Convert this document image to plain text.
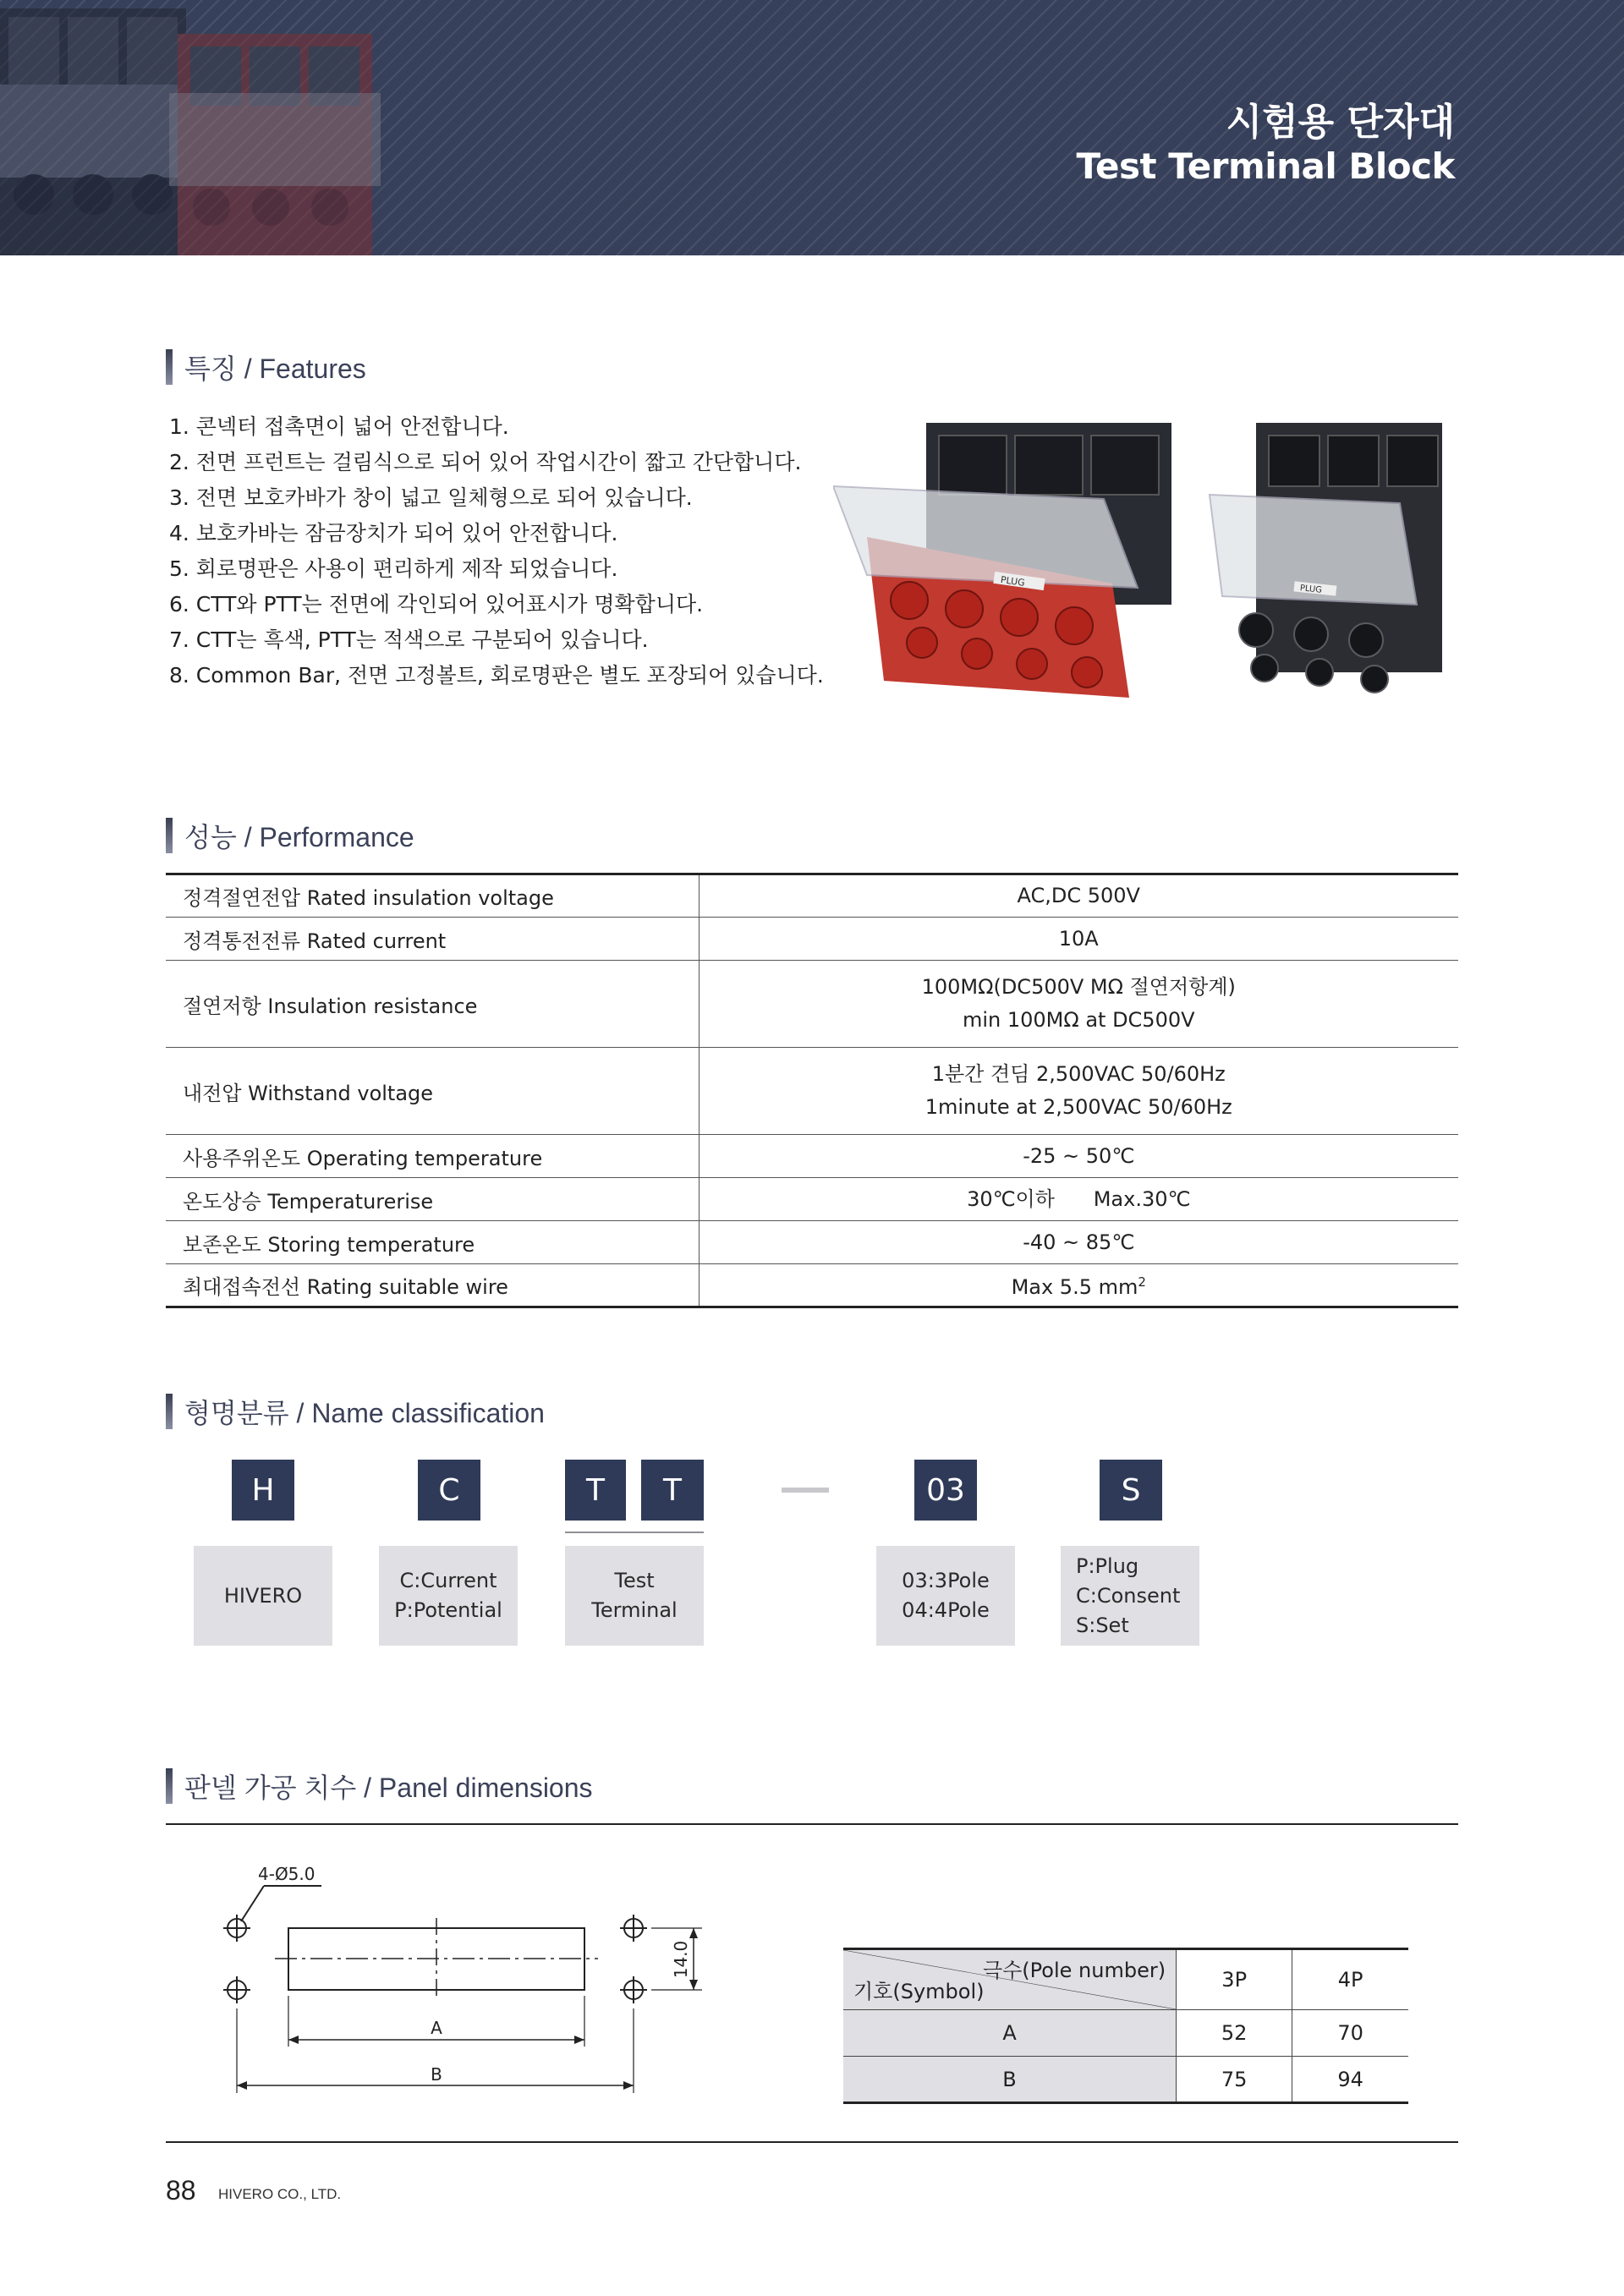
시험용 단자대
Test Terminal Block
특징 / Features
1. 콘넥터 접촉면이 넓어 안전합니다.
2. 전면 프런트는 걸림식으로 되어 있어 작업시간이 짧고 간단합니다.
3. 전면 보호카바가 창이 넓고 일체형으로 되어 있습니다.
4. 보호카바는 잠금장치가 되어 있어 안전합니다.
5. 회로명판은 사용이 편리하게 제작 되었습니다.
6. CTT와 PTT는 전면에 각인되어 있어표시가 명확합니다.
7. CTT는 흑색, PTT는 적색으로 구분되어 있습니다.
8. Common Bar, 전면 고정볼트, 회로명판은 별도 포장되어 있습니다.
PLUG
PLUG
성능 / Performance
정격절연전압 Rated insulation voltage	AC,DC 500V
정격통전전류 Rated current	10A
절연저항 Insulation resistance	100MΩ(DC500V MΩ 절연저항계)
min 100MΩ at DC500V

내전압 Withstand voltage	1분간 견딤 2,500VAC 50/60Hz
1minute at 2,500VAC 50/60Hz

사용주위온도 Operating temperature	-25 ~ 50℃
온도상승 Temperaturerise	30℃이하      Max.30℃
보존온도 Storing temperature	-40 ~ 85℃
최대접속전선 Rating suitable wire	Max 5.5 $mm^2$
형명분류 / Name classification
H	C	T	T	03	S
HIVERO
C:Current
P:Potential
Test
Terminal
03:3Pole
04:4Pole
P:Plug
C:Consent
S:Set
판넬 가공 치수 / Panel dimensions
4-Ø5.0
14.0
A
B
극수(Pole number)
기호(Symbol)	3P	4P
A	52	70
B	75	94
88 HIVERO CO., LTD.
